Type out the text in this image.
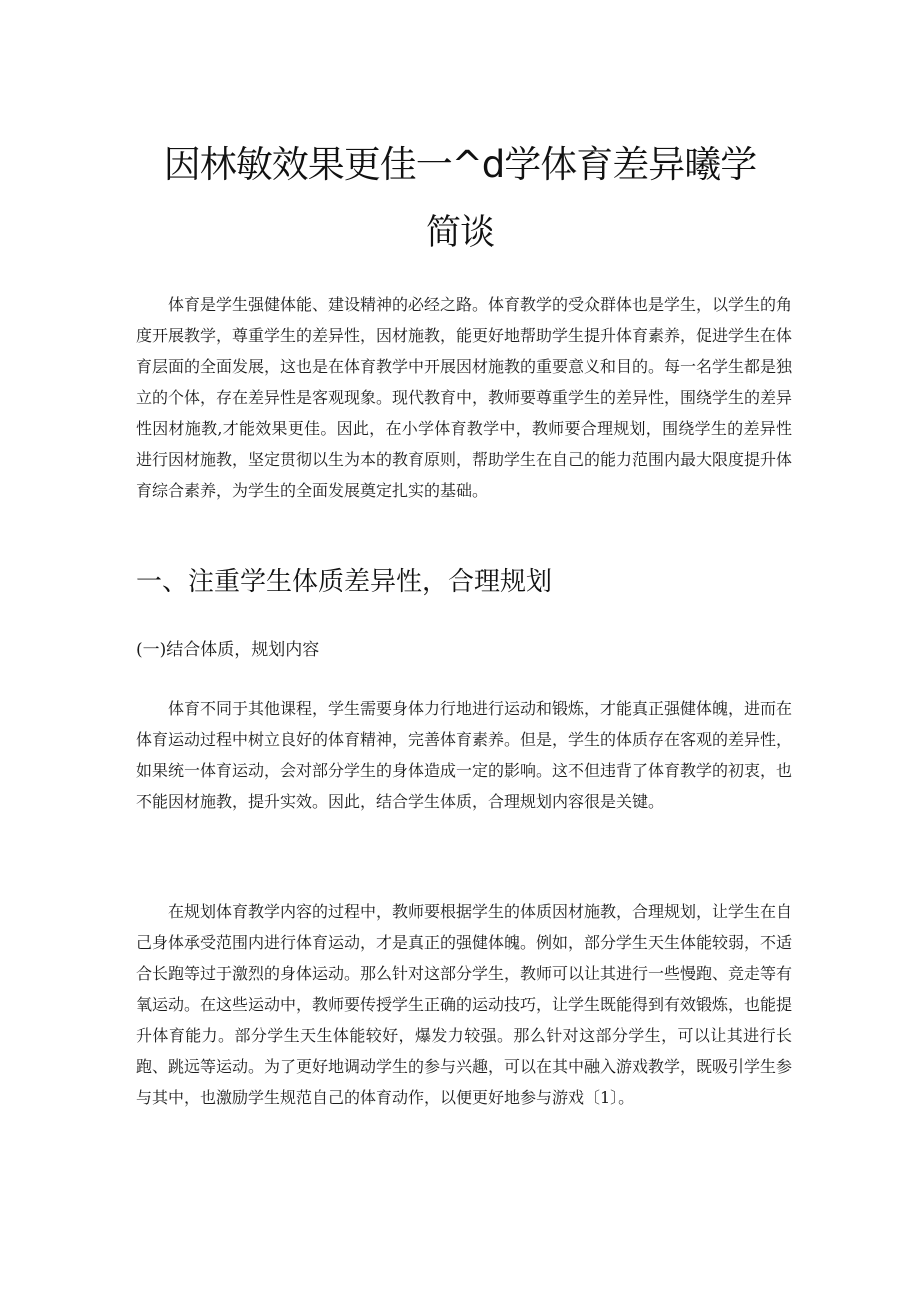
因林敏效果更佳一^d学体育差异曦学
简谈

体育是学生强健体能、建设精神的必经之路。体育教学的受众群体也是学生，以学生的角度开展教学，尊重学生的差异性，因材施教，能更好地帮助学生提升体育素养，促进学生在体育层面的全面发展，这也是在体育教学中开展因材施教的重要意义和目的。每一名学生都是独立的个体，存在差异性是客观现象。现代教育中，教师要尊重学生的差异性，围绕学生的差异性因材施教,才能效果更佳。因此，在小学体育教学中，教师要合理规划，围绕学生的差异性进行因材施教，坚定贯彻以生为本的教育原则，帮助学生在自己的能力范围内最大限度提升体育综合素养，为学生的全面发展奠定扎实的基础。

一、注重学生体质差异性，合理规划
(一)结合体质，规划内容

体育不同于其他课程，学生需要身体力行地进行运动和锻炼，才能真正强健体魄，进而在体育运动过程中树立良好的体育精神，完善体育素养。但是，学生的体质存在客观的差异性，如果统一体育运动，会对部分学生的身体造成一定的影响。这不但违背了体育教学的初衷，也不能因材施教，提升实效。因此，结合学生体质，合理规划内容很是关键。

在规划体育教学内容的过程中，教师要根据学生的体质因材施教，合理规划，让学生在自己身体承受范围内进行体育运动，才是真正的强健体魄。例如，部分学生天生体能较弱，不适合长跑等过于激烈的身体运动。那么针对这部分学生，教师可以让其进行一些慢跑、竞走等有氧运动。在这些运动中，教师要传授学生正确的运动技巧，让学生既能得到有效锻炼，也能提升体育能力。部分学生天生体能较好，爆发力较强。那么针对这部分学生，可以让其进行长跑、跳远等运动。为了更好地调动学生的参与兴趣，可以在其中融入游戏教学，既吸引学生参与其中，也激励学生规范自己的体育动作，以便更好地参与游戏〔1〕。
